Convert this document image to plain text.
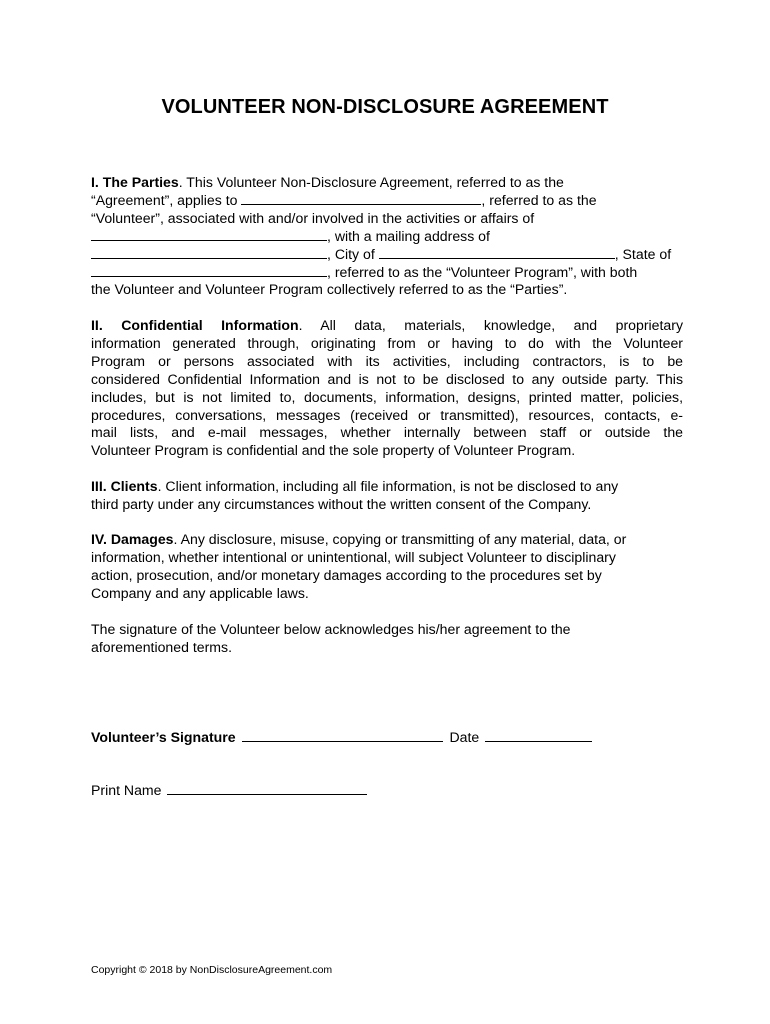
VOLUNTEER NON-DISCLOSURE AGREEMENT
I. The Parties. This Volunteer Non-Disclosure Agreement, referred to as the
“Agreement”, applies to	, referred to as the
“Volunteer”, associated with and/or involved in the activities or affairs of
, with a mailing address of
, City of	, State of
, referred to as the “Volunteer Program”, with both
the Volunteer and Volunteer Program collectively referred to as the “Parties”.
II. Confidential Information. All data, materials, knowledge, and proprietary
information generated through, originating from or having to do with the Volunteer
Program or persons associated with its activities, including contractors, is to be
considered Confidential Information and is not to be disclosed to any outside party. This
includes, but is not limited to, documents, information, designs, printed matter, policies,
procedures, conversations, messages (received or transmitted), resources, contacts, e-
mail lists, and e-mail messages, whether internally between staff or outside the
Volunteer Program is confidential and the sole property of Volunteer Program.
III. Clients. Client information, including all file information, is not be disclosed to any
third party under any circumstances without the written consent of the Company.
IV. Damages. Any disclosure, misuse, copying or transmitting of any material, data, or
information, whether intentional or unintentional, will subject Volunteer to disciplinary
action, prosecution, and/or monetary damages according to the procedures set by
Company and any applicable laws.
The signature of the Volunteer below acknowledges his/her agreement to the
aforementioned terms.
Volunteer’s Signature	Date
Print Name
Copyright © 2018 by NonDisclosureAgreement.com
